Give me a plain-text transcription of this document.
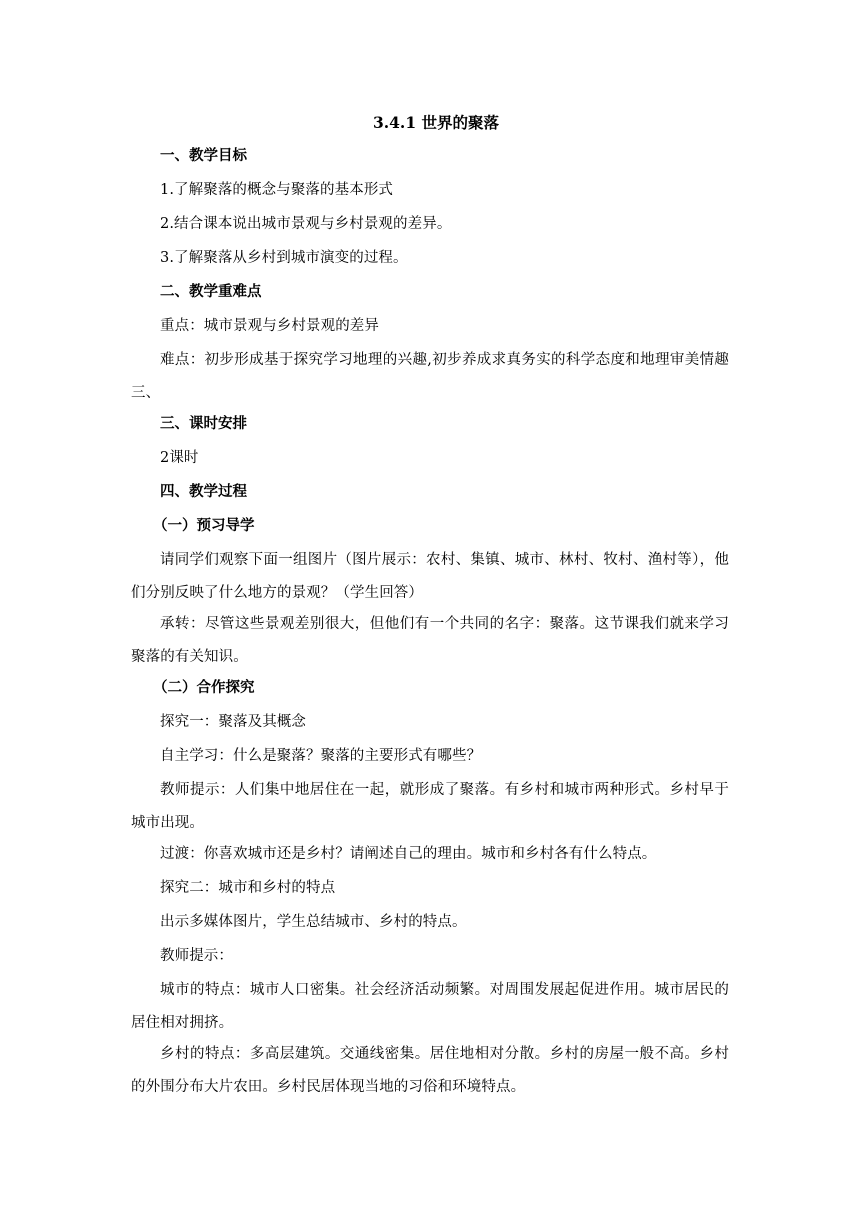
3.4.1 世界的聚落
一、教学目标
1.了解聚落的概念与聚落的基本形式
2.结合课本说出城市景观与乡村景观的差异。
3.了解聚落从乡村到城市演变的过程。
二、教学重难点
重点：城市景观与乡村景观的差异
难点：初步形成基于探究学习地理的兴趣,初步养成求真务实的科学态度和地理审美情趣三、
三、课时安排
2课时
四、教学过程
（一）预习导学
请同学们观察下面一组图片（图片展示：农村、集镇、城市、林村、牧村、渔村等），他们分别反映了什么地方的景观？（学生回答）
承转：尽管这些景观差别很大，但他们有一个共同的名字：聚落。这节课我们就来学习聚落的有关知识。
（二）合作探究
探究一：聚落及其概念
自主学习：什么是聚落？聚落的主要形式有哪些？
教师提示：人们集中地居住在一起，就形成了聚落。有乡村和城市两种形式。乡村早于城市出现。
过渡：你喜欢城市还是乡村？请阐述自己的理由。城市和乡村各有什么特点。
探究二：城市和乡村的特点
出示多媒体图片，学生总结城市、乡村的特点。
教师提示：
城市的特点：城市人口密集。社会经济活动频繁。对周围发展起促进作用。城市居民的居住相对拥挤。
乡村的特点：多高层建筑。交通线密集。居住地相对分散。乡村的房屋一般不高。乡村的外围分布大片农田。乡村民居体现当地的习俗和环境特点。
